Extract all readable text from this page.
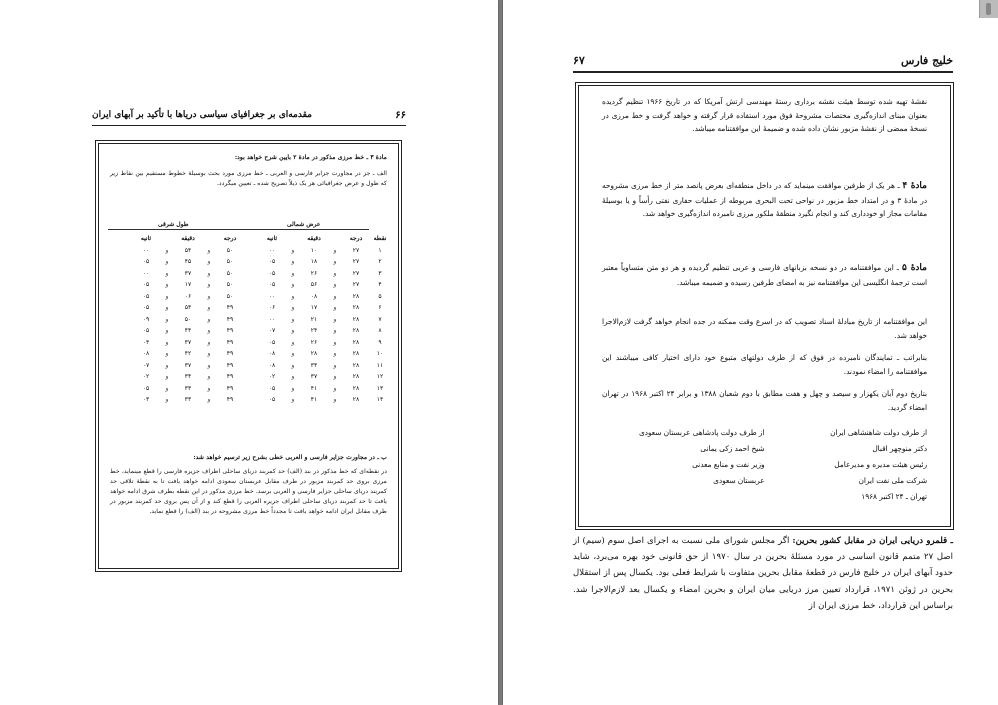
۶۶
مقدمه‌ای بر جغرافیای سیاسی دریاها با تأکید بر آبهای ایران
مادهٔ ۳ ـ خط مرزی مذکور در مادهٔ ۲ بایین شرح خواهد بود:
الف ـ جز در مجاورت جزایر فارسی و العربی ـ خط مرزی مورد بحث بوسیلهٔ خطوط مستقیم بین نقاط زیر که طول و عرض جغرافیائی هر یک ذیلاً تصریح شده ـ تعیین میگردد.
عرض شمالی
طول شرقی
نقطه
درجه
دقیقه
ثانیه
درجه
دقیقه
ثانیه
۱
۲۷
و
۱۰
و
۰۰
۵۰
و
۵۴
و
۰۰
۲
۲۷
و
۱۸
و
۰۵
۵۰
و
۴۵
و
۰۵
۳
۲۷
و
۲۶
و
۰۵
۵۰
و
۳۷
و
۰۰
۴
۲۷
و
۵۶
و
۰۵
۵۰
و
۱۷
و
۰۵
۵
۲۸
و
۰۸
و
۰۰
۵۰
و
۰۶
و
۰۵
۶
۲۸
و
۱۷
و
۰۶
۴۹
و
۵۴
و
۰۵
۷
۲۸
و
۲۱
و
۰۰
۴۹
و
۵۰
و
۰۹
۸
۲۸
و
۲۴
و
۰۷
۴۹
و
۴۴
و
۰۵
۹
۲۸
و
۲۶
و
۰۵
۴۹
و
۳۷
و
۰۴
۱۰
۲۸
و
۲۸
و
۰۸
۴۹
و
۴۲
و
۰۸
۱۱
۲۸
و
۳۴
و
۰۸
۴۹
و
۳۷
و
۰۷
۱۲
۲۸
و
۳۷
و
۰۲
۴۹
و
۳۴
و
۰۲
۱۳
۲۸
و
۴۱
و
۰۵
۴۹
و
۳۳
و
۰۵
۱۴
۲۸
و
۴۱
و
۰۵
۴۹
و
۳۳
و
۰۳
ب ـ در مجاورت جزایر فارسی و العربی خطی بشرح زیر ترسیم خواهد شد:
در نقطه‌ای که خط مذکور در بند (الف) حد کمربند دریای ساحلی اطراف جزیره فارسی را قطع مینماید، خط مرزی بروی حد کمربند مزبور در طرف مقابل عربستان سعودی ادامه خواهد یافت تا به نقطهٔ تلاقی حد کمربند دریای ساحلی جزایر فارسی و العربی برسد. خط مرزی مذکور در این نقطه بطرف شرق ادامه خواهد یافت تا حد کمربند دریای ساحلی اطراف جزیره العربی را قطع کند و از آن پس بروی حد کمربند مزبور در طرف مقابل ایران ادامه خواهد یافت تا مجدداً خط مرزی مشروحه در بند (الف) را قطع نماید.
خلیج فارس
۶۷
نقشهٔ تهیه شده توسط هیئت نقشه برداری رستهٔ مهندسی ارتش آمریکا که در تاریخ ۱۹۶۶ تنظیم گردیده بعنوان مبنای اندازه‌گیری مختصات مشروحهٔ فوق مورد استفاده قرار گرفته و خواهد گرفت و خط مرزی در نسخهٔ ممضی از نقشهٔ مزبور نشان داده شده و ضمیمهٔ این موافقتنامه میباشد.
مادهٔ ۴ ـ هر یک از طرفین موافقت مینماید که در داخل منطقه‌ای بعرض پانصد متر از خط مرزی مشروحه در مادهٔ ۳ و در امتداد خط مزبور در نواحی تحت البحری مربوطه از عملیات حفاری نفتی رأساً و یا بوسیلهٔ مقامات مجاز او خودداری کند و انجام نگیرد منطقهٔ ملکور مرزی نامبرده اندازه‌گیری خواهد شد.
مادهٔ ۵ ـ این موافقتنامه در دو نسخه بزبانهای فارسی و عربی تنظیم گردیده و هر دو متن متساویاً معتبر است ترجمهٔ انگلیسی این موافقتنامه نیز به امضای طرفین رسیده و ضمیمه میباشد.
این موافقتنامه از تاریخ مبادلهٔ اسناد تصویب که در اسرع وقت ممکنه در جده انجام خواهد گرفت لازم‌الاجرا خواهد شد.
بنابراتب ـ تمایندگان نامبرده در فوق که از طرف دولتهای متبوع خود دارای اختیار کافی میباشند این موافقتنامه را امضاء نمودند.
بتاریخ دوم آبان یکهزار و سیصد و چهل و هفت مطابق با دوم شعبان ۱۳۸۸ و برابر ۲۴ اکتبر ۱۹۶۸ در تهران امضاء گردید.
از طرف دولت شاهنشاهی ایران
دکتر منوچهر اقبال
رئیس هیئت مدیره و مدیرعامل
شرکت ملی نفت ایران
تهران ـ ۲۴ اکتبر ۱۹۶۸
از طرف دولت پادشاهی عربستان سعودی
شیخ احمد زکی یمانی
وزیر نفت و منابع معدنی
عربستان سعودی
ـ قلمرو دریایی ایران در مقابل کشور بحرین: اگر مجلس شورای ملی نسبت به اجرای اصل سوم (سیم) از اصل ۲۷ متمم قانون اساسی در مورد مسئلهٔ بحرین در سال ۱۹۷۰ از حق قانونی خود بهره می‌برد، شاید حدود آبهای ایران در خلیج فارس در قطعهٔ مقابل بحرین متفاوت با شرایط فعلی بود. یکسال پس از استقلال بحرین در ژوئن ۱۹۷۱، قرارداد تعیین مرز دریایی میان ایران و بحرین امضاء و یکسال بعد لازم‌الاجرا شد. براساس این قرارداد، خط مرزی ایران از
